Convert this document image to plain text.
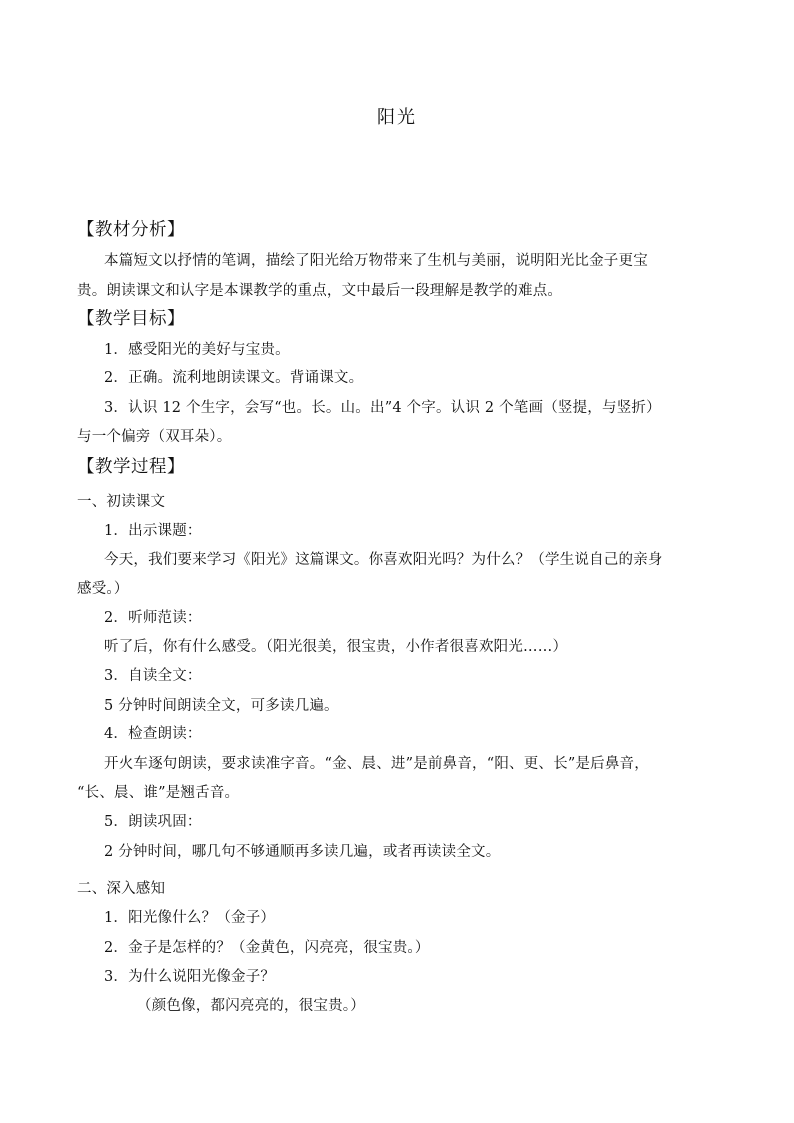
阳光
【教材分析】
本篇短文以抒情的笔调，描绘了阳光给万物带来了生机与美丽，说明阳光比金子更宝
贵。朗读课文和认字是本课教学的重点，文中最后一段理解是教学的难点。
【教学目标】
1．感受阳光的美好与宝贵。
2．正确。流利地朗读课文。背诵课文。
3．认识 12 个生字，会写“也。长。山。出”4 个字。认识 2 个笔画（竖提，与竖折）
与一个偏旁（双耳朵）。
【教学过程】
一、初读课文
1．出示课题：
今天，我们要来学习《阳光》这篇课文。你喜欢阳光吗？为什么？（学生说自己的亲身
感受。）
2．听师范读：
听了后，你有什么感受。（阳光很美，很宝贵，小作者很喜欢阳光……）
3．自读全文：
5 分钟时间朗读全文，可多读几遍。
4．检查朗读：
开火车逐句朗读，要求读准字音。“金、晨、进”是前鼻音，“阳、更、长”是后鼻音，
“长、晨、谁”是翘舌音。
5．朗读巩固：
2 分钟时间，哪几句不够通顺再多读几遍，或者再读读全文。
二、深入感知
1．阳光像什么？（金子）
2．金子是怎样的？（金黄色，闪亮亮，很宝贵。）
3．为什么说阳光像金子？
（颜色像，都闪亮亮的，很宝贵。）
